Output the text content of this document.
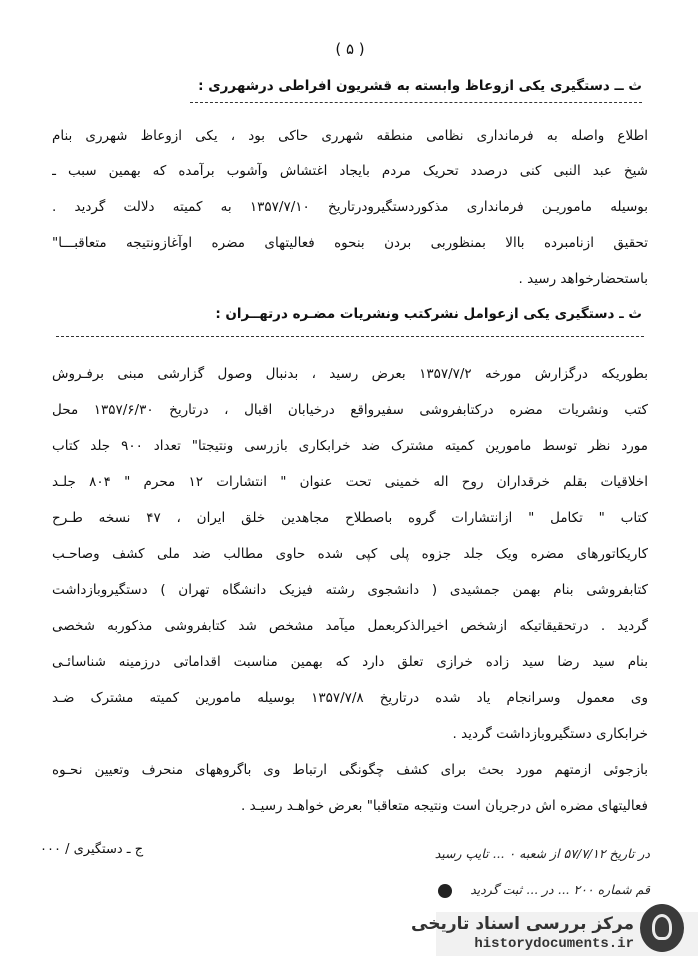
( ۵ )
ث ــ دستگیری یکی ازوعاظ وابسته به قشریون افراطی درشهرری :
اطلاع واصله به فرمانداری نظامی منطقه شهرری حاکی بود ، یکی ازوعاظ شهرری بنام
شیخ عبد النبی کنی درصدد تحریک مردم بایجاد اغتشاش وآشوب برآمده که بهمین سبب ـ
بوسیله ماموریـن فرمانداری مذکوردستگیرودرتاریخ ۱۳۵۷/۷/۱۰ به کمیته دلالت گردید .
تحقیق ازنامبرده باالا بمنظوربی بردن بنحوه فعالیتهای مضره اوآغازونتیجه متعاقبـــا"
باستحضارخواهد رسید .
ث ـ دستگیری یکی ازعوامل نشرکتب ونشریات مضـره درتهــران :
بطوریکه درگزارش مورخه ۱۳۵۷/۷/۲ بعرض رسید ، بدنبال وصول گزارشی مبنی برفـروش
کتب ونشریات مضره درکتابفروشی سفیرواقع درخیابان اقبال ، درتاریخ ۱۳۵۷/۶/۳۰ محل
مورد نظر توسط مامورین کمیته مشترک ضد خرابکاری بازرسی ونتیجتا" تعداد ۹۰۰ جلد کتاب
اخلاقیات بقلم خرقداران روح اله خمینی تحت عنوان " انتشارات ۱۲ محرم " ۸۰۴ جلـد
کتاب " تکامل " ازانتشارات گروه باصطلاح مجاهدین خلق ایران ، ۴۷ نسخه طـرح
کاریکاتورهای مضره ویک جلد جزوه پلی کپی شده حاوی مطالب ضد ملی کشف وصاحـب
کتابفروشی بنام بهمن جمشیدی ( دانشجوی رشته فیزیک دانشگاه تهران ) دستگیروبازداشت
گردید . درتحقیقاتیکه ازشخص اخیرالذکربعمل میآمد مشخص شد کتابفروشی مذکوربه شخصی
بنام سید رضا سید زاده خرازی تعلق دارد که بهمین مناسبت اقداماتی درزمینه شناسائـی
وی معمول وسرانجام یاد شده درتاریخ ۱۳۵۷/۷/۸ بوسیله مامورین کمیته مشترک ضـد
خرابکاری دستگیروبازداشت گردید .
بازجوئی ازمتهم مورد بحث برای کشف چگونگی ارتباط وی باگروههای منحرف وتعیین نحـوه
فعالیتهای مضره اش درجریان است ونتیجه متعاقبا" بعرض خواهـد رسیـد .
ج ـ دستگیری / ۰۰۰	در تاریخ ۵۷/۷/۱۲ از شعبه ۰ ... تایپ رسید
قم شماره ۲۰۰ ... در ... ثبت گردید
مرکز بررسی اسناد تاریخی
historydocuments.ir
